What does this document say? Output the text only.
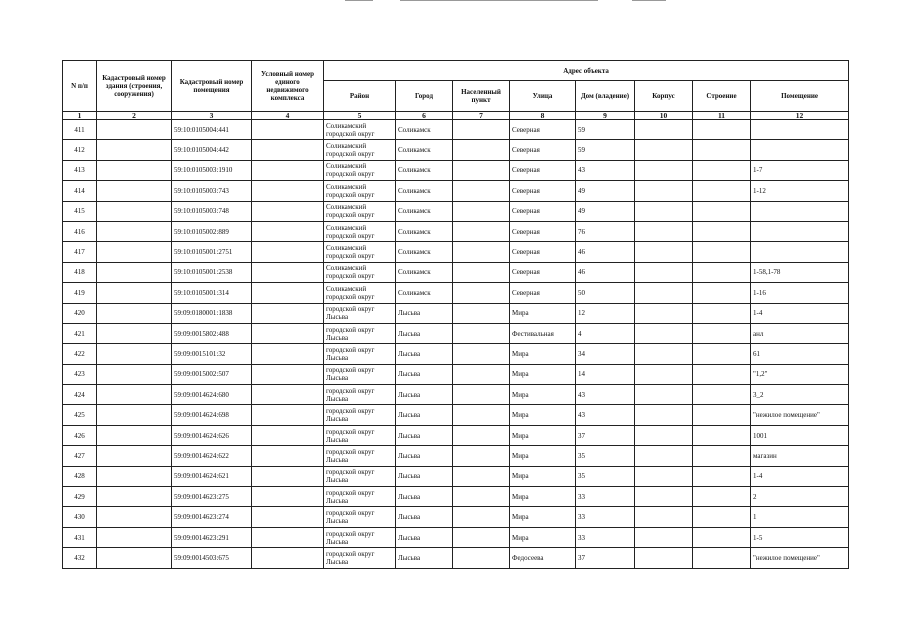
N п/п	Кадастровый номер здания (строения, сооружения)	Кадастровый номер помещения	Условный номер единого недвижимого комплекса	Адрес объекта							
				Район	Город	Населенный пункт	Улица	Дом (владение)	Корпус	Строение	Помещение
1	2	3	4	5	6	7	8	9	10	11	12
411		59:10:0105004:441		Соликамский городской округ	Соликамск		Северная	59			
412		59:10:0105004:442		Соликамский городской округ	Соликамск		Северная	59			
413		59:10:0105003:1910		Соликамский городской округ	Соликамск		Северная	43			1-7
414		59:10:0105003:743		Соликамский городской округ	Соликамск		Северная	49			1-12
415		59:10:0105003:748		Соликамский городской округ	Соликамск		Северная	49			
416		59:10:0105002:889		Соликамский городской округ	Соликамск		Северная	76			
417		59:10:0105001:2751		Соликамский городской округ	Соликамск		Северная	46			
418		59:10:0105001:2538		Соликамский городской округ	Соликамск		Северная	46			1-58,1-78
419		59:10:0105001:314		Соликамский городской округ	Соликамск		Северная	50			1-16
420		59:09:0180001:1838		городской округ Лысьва	Лысьва		Мира	12			1-4
421		59:09:0015802:488		городской округ Лысьва	Лысьва		Фестивальная	4			анл
422		59:09:0015101:32		городской округ Лысьва	Лысьва		Мира	34			61
423		59:09:0015002:507		городской округ Лысьва	Лысьва		Мира	14			"1,2"
424		59:09:0014624:680		городской округ Лысьва	Лысьва		Мира	43			3_2
425		59:09:0014624:698		городской округ Лысьва	Лысьва		Мира	43			"нежилое помещение"
426		59:09:0014624:626		городской округ Лысьва	Лысьва		Мира	37			1001
427		59:09:0014624:622		городской округ Лысьва	Лысьва		Мира	35			магазин
428		59:09:0014624:621		городской округ Лысьва	Лысьва		Мира	35			1-4
429		59:09:0014623:275		городской округ Лысьва	Лысьва		Мира	33			2
430		59:09:0014623:274		городской округ Лысьва	Лысьва		Мира	33			1
431		59:09:0014623:291		городской округ Лысьва	Лысьва		Мира	33			1-5
432		59:09:0014503:675		городской округ Лысьва	Лысьва		Федосеева	37			"нежилое помещение"
